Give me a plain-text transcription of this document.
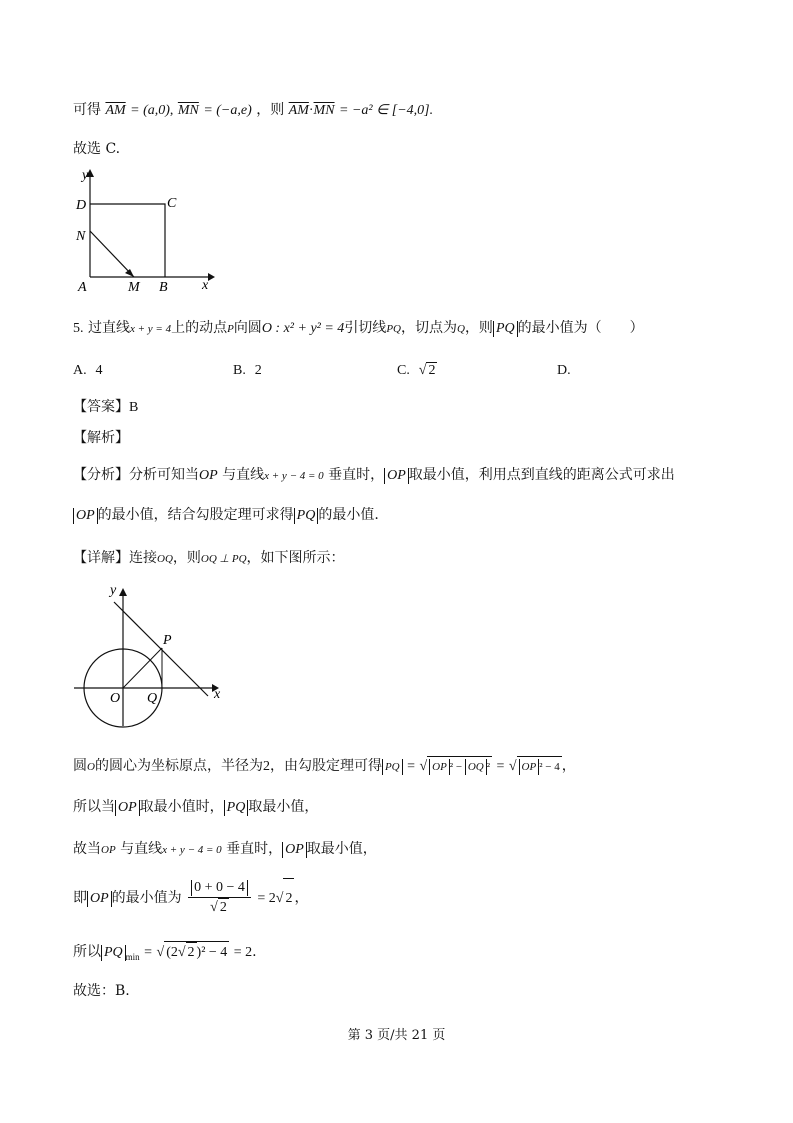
可得 $\overline{AM} = (a,0)$, $\overline{MN} = (-a,e)$ ，则 $\overline{AM}\cdot\overline{MN} = -a^2$ ∈ [−4,0].
故选 C.
y
D	C
N
A	M B x
5. 过直线x + y = 4上的动点P向圆O : x² + y² = 4引切线PQ，切点为Q，则 PQ 的最小值为（　　）
A. 4	B. 2	C. √ 2	D.
【答案】B
【解析】
【分析】分析可知当OP 与直线x + y − 4 = 0 垂直时， OP 取最小值，利用点到直线的距离公式可求出
OP 的最小值，结合勾股定理可求得 PQ 的最小值.
【详解】连接OQ，则OQ ⊥ PQ，如下图所示：
y
P
O Q	x
圆O的圆心为坐标原点，半径为2，由勾股定理可得 PQ = √ OP ² − OQ ² = √ OP ² − 4 ，
所以当 OP 取最小值时， PQ 取最小值，
故当OP 与直线x + y − 4 = 0 垂直时， OP 取最小值，
即 OP 的最小值为 $\frac{0 + 0 - 4}{√ 2} = 2√$ 2 ，
所以 PQ $_{min}$ = √ (2√ 2 )² − 4 = 2.
故选：B.
第 3 页/共 21 页
